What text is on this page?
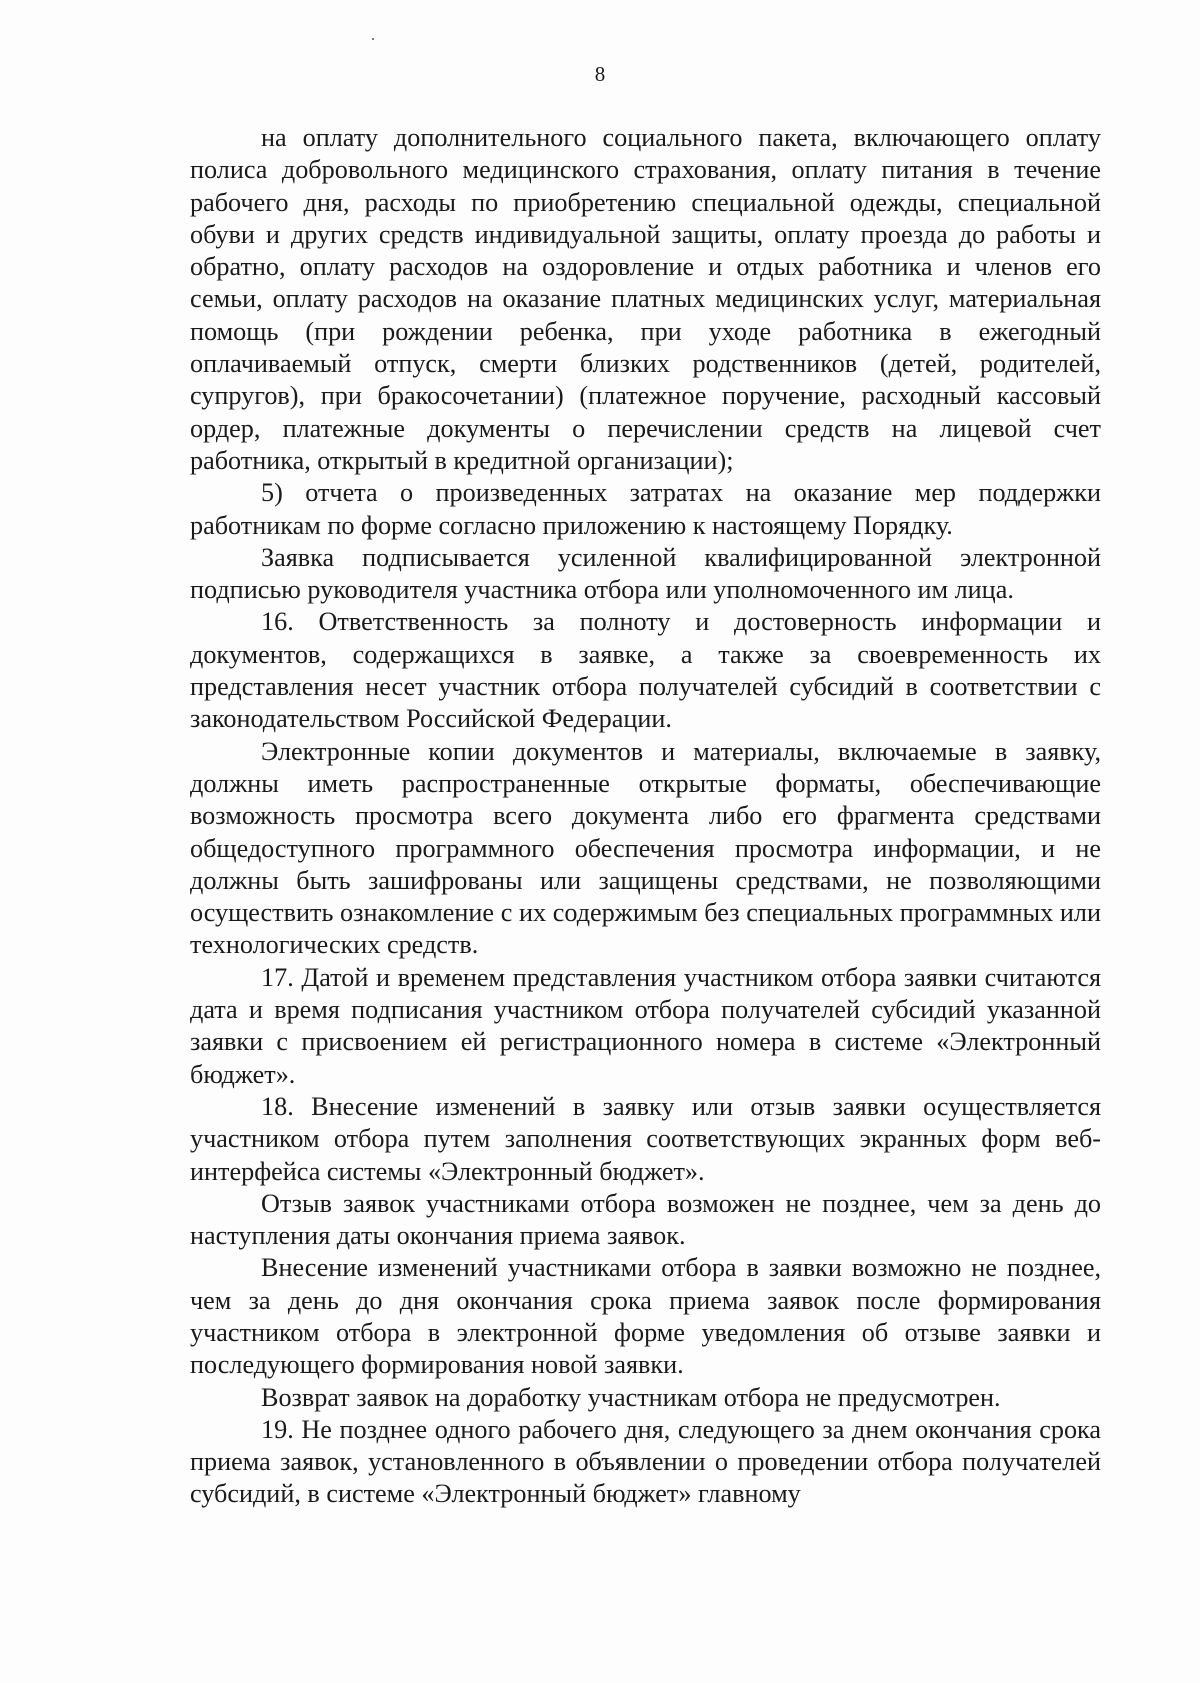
8

на оплату дополнительного социального пакета, включающего оплату полиса добровольного медицинского страхования, оплату питания в течение рабочего дня, расходы по приобретению специальной одежды, специальной обуви и других средств индивидуальной защиты, оплату проезда до работы и обратно, оплату расходов на оздоровление и отдых работника и членов его семьи, оплату расходов на оказание платных медицинских услуг, материальная помощь (при рождении ребенка, при уходе работника в ежегодный оплачиваемый отпуск, смерти близких родственников (детей, родителей, супругов), при бракосочетании) (платежное поручение, расходный кассовый ордер, платежные документы о перечислении средств на лицевой счет работника, открытый в кредитной организации);

5) отчета о произведенных затратах на оказание мер поддержки работникам по форме согласно приложению к настоящему Порядку.

Заявка подписывается усиленной квалифицированной электронной подписью руководителя участника отбора или уполномоченного им лица.

16. Ответственность за полноту и достоверность информации и документов, содержащихся в заявке, а также за своевременность их представления несет участник отбора получателей субсидий в соответствии с законодательством Российской Федерации.

Электронные копии документов и материалы, включаемые в заявку, должны иметь распространенные открытые форматы, обеспечивающие возможность просмотра всего документа либо его фрагмента средствами общедоступного программного обеспечения просмотра информации, и не должны быть зашифрованы или защищены средствами, не позволяющими осуществить ознакомление с их содержимым без специальных программных или технологических средств.

17. Датой и временем представления участником отбора заявки считаются дата и время подписания участником отбора получателей субсидий указанной заявки с присвоением ей регистрационного номера в системе «Электронный бюджет».

18. Внесение изменений в заявку или отзыв заявки осуществляется участником отбора путем заполнения соответствующих экранных форм веб-интерфейса системы «Электронный бюджет».

Отзыв заявок участниками отбора возможен не позднее, чем за день до наступления даты окончания приема заявок.

Внесение изменений участниками отбора в заявки возможно не позднее, чем за день до дня окончания срока приема заявок после формирования участником отбора в электронной форме уведомления об отзыве заявки и последующего формирования новой заявки.

Возврат заявок на доработку участникам отбора не предусмотрен.

19. Не позднее одного рабочего дня, следующего за днем окончания срока приема заявок, установленного в объявлении о проведении отбора получателей субсидий, в системе «Электронный бюджет» главному
